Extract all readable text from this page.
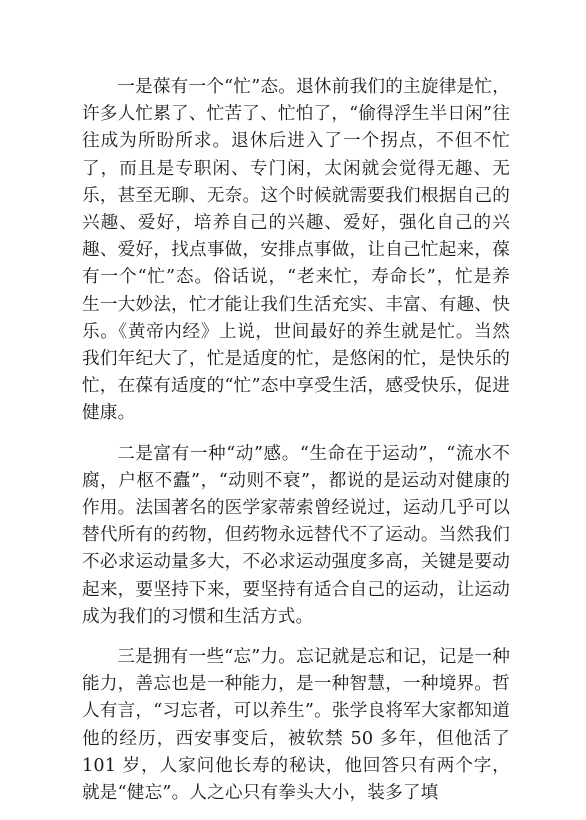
一是葆有一个“忙”态。退休前我们的主旋律是忙，许多人忙累了、忙苦了、忙怕了，“偷得浮生半日闲”往往成为所盼所求。退休后进入了一个拐点，不但不忙了，而且是专职闲、专门闲，太闲就会觉得无趣、无乐，甚至无聊、无奈。这个时候就需要我们根据自己的兴趣、爱好，培养自己的兴趣、爱好，强化自己的兴趣、爱好，找点事做，安排点事做，让自己忙起来，葆有一个“忙”态。俗话说，“老来忙，寿命长”，忙是养生一大妙法，忙才能让我们生活充实、丰富、有趣、快乐。《黄帝内经》上说，世间最好的养生就是忙。当然我们年纪大了，忙是适度的忙，是悠闲的忙，是快乐的忙，在葆有适度的“忙”态中享受生活，感受快乐，促进健康。

二是富有一种“动”感。“生命在于运动”，“流水不腐，户枢不蠹”，“动则不衰”，都说的是运动对健康的作用。法国著名的医学家蒂索曾经说过，运动几乎可以替代所有的药物，但药物永远替代不了运动。当然我们不必求运动量多大，不必求运动强度多高，关键是要动起来，要坚持下来，要坚持有适合自己的运动，让运动成为我们的习惯和生活方式。

三是拥有一些“忘”力。忘记就是忘和记，记是一种能力，善忘也是一种能力，是一种智慧，一种境界。哲人有言，“习忘者，可以养生”。张学良将军大家都知道他的经历，西安事变后，被软禁 50 多年，但他活了 101 岁，人家问他长寿的秘诀，他回答只有两个字，就是“健忘”。人之心只有拳头大小，装多了填
